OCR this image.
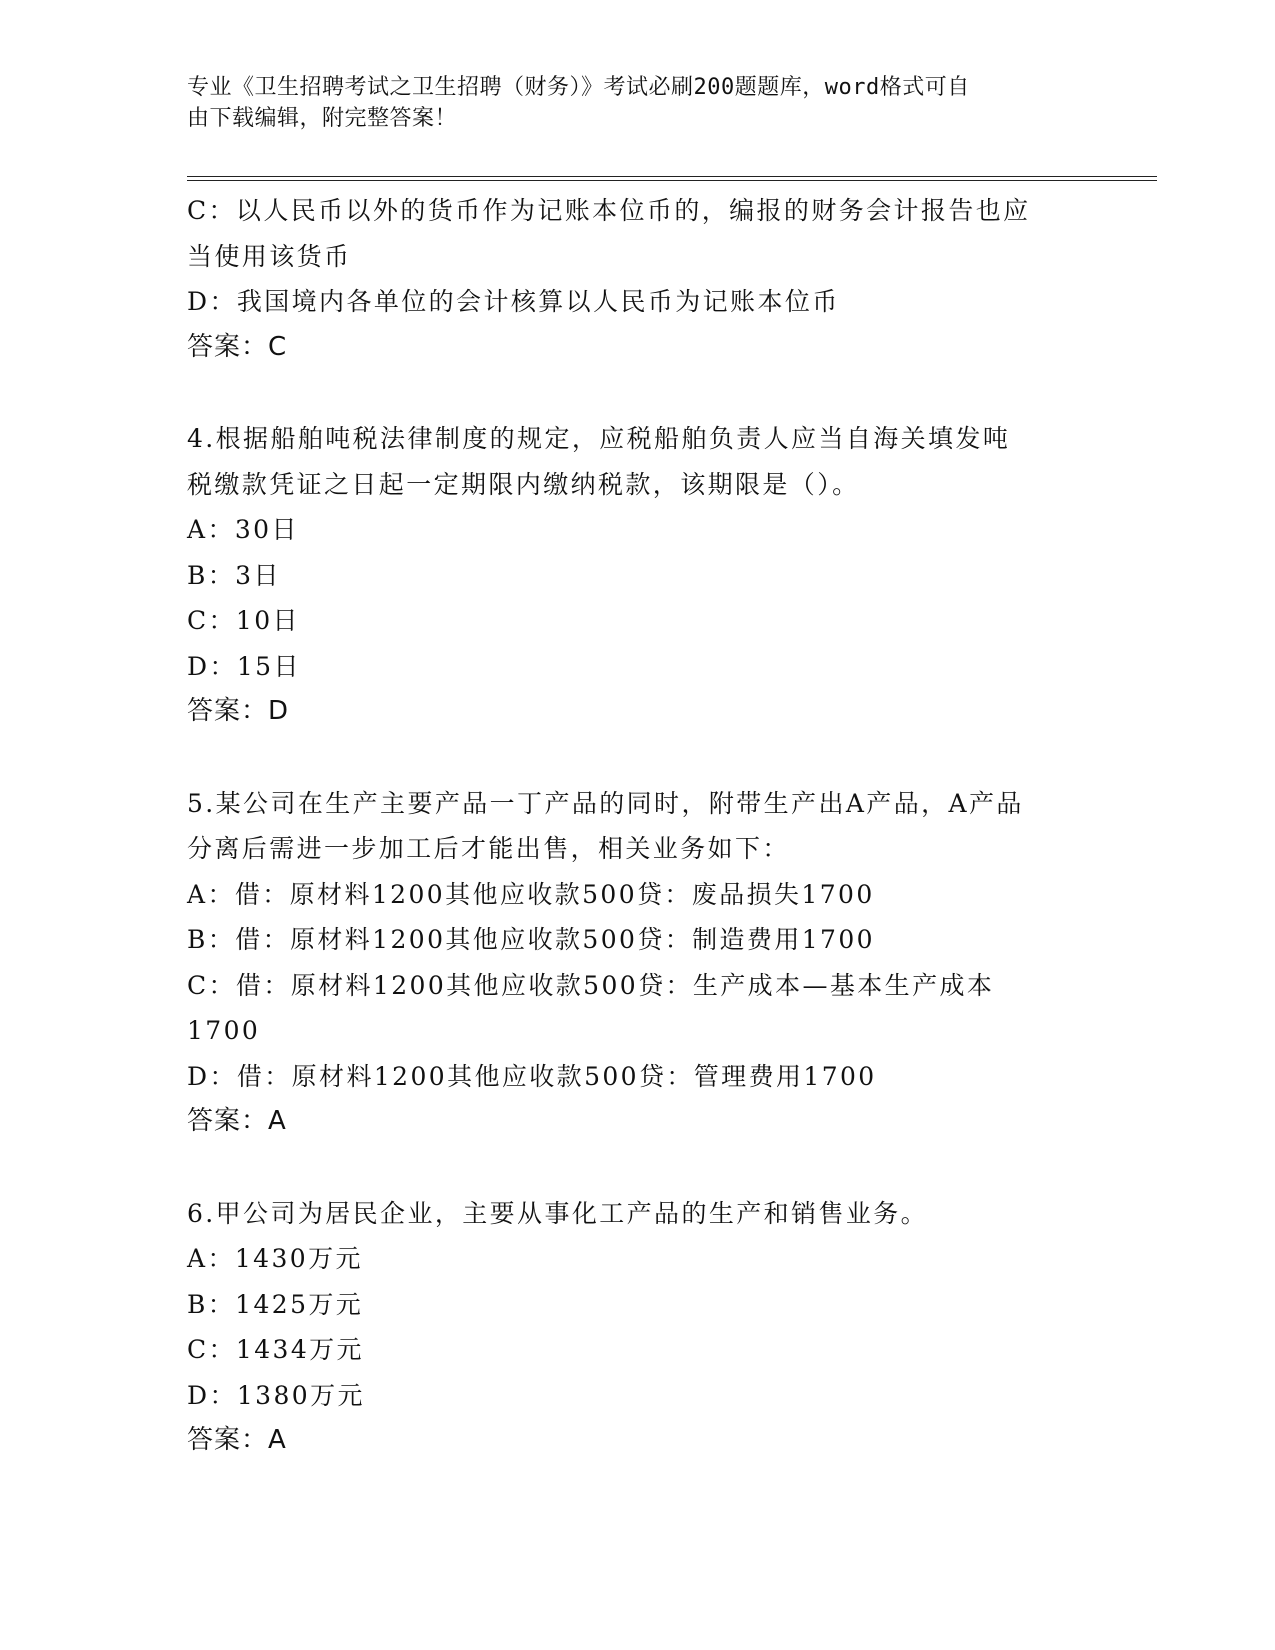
专业《卫生招聘考试之卫生招聘（财务）》考试必刷200题题库，word格式可自
由下载编辑，附完整答案！
C：以人民币以外的货币作为记账本位币的，编报的财务会计报告也应
当使用该货币
D：我国境内各单位的会计核算以人民币为记账本位币
答案：C
4.根据船舶吨税法律制度的规定，应税船舶负责人应当自海关填发吨
税缴款凭证之日起一定期限内缴纳税款，该期限是（）。
A：30日
B：3日
C：10日
D：15日
答案：D
5.某公司在生产主要产品一丁产品的同时，附带生产出A产品，A产品
分离后需进一步加工后才能出售，相关业务如下：
A：借：原材料1200其他应收款500贷：废品损失1700
B：借：原材料1200其他应收款500贷：制造费用1700
C：借：原材料1200其他应收款500贷：生产成本—基本生产成本
1700
D：借：原材料1200其他应收款500贷：管理费用1700
答案：A
6.甲公司为居民企业，主要从事化工产品的生产和销售业务。
A：1430万元
B：1425万元
C：1434万元
D：1380万元
答案：A
